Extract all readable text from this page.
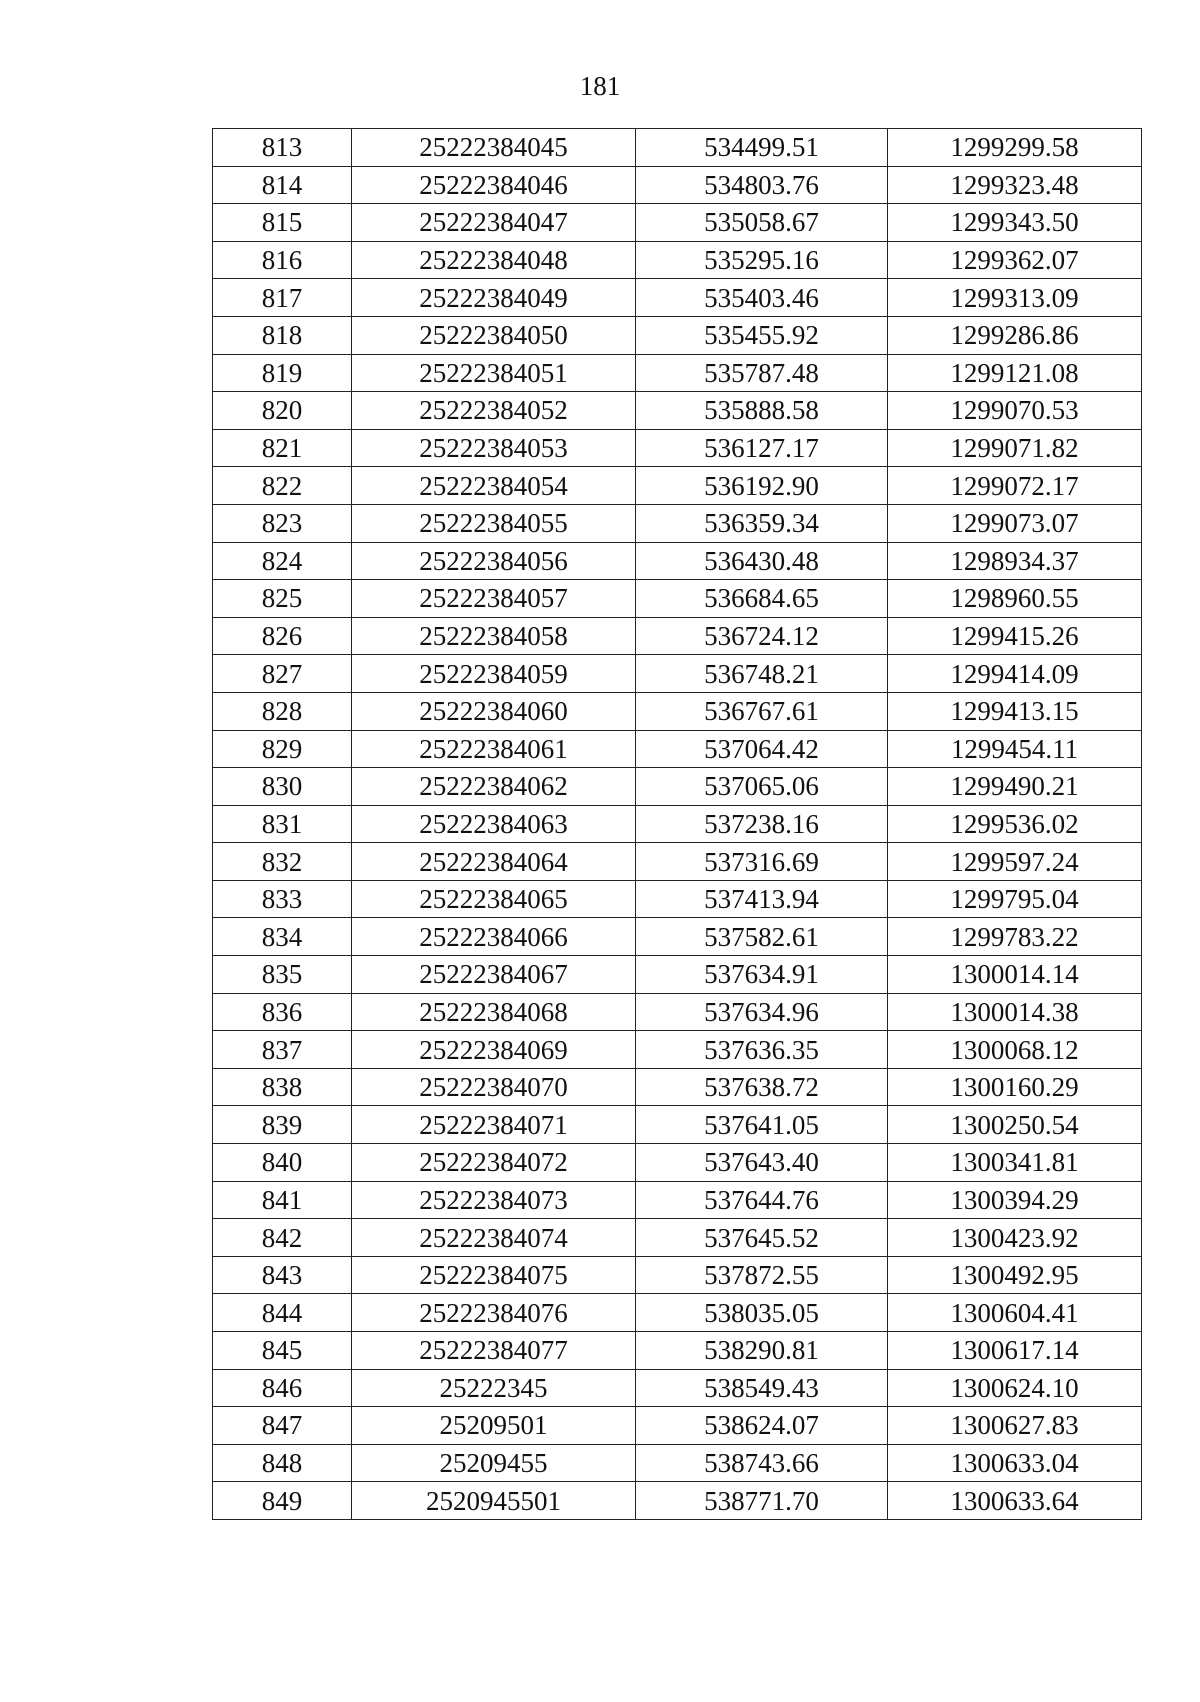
181
813	25222384045	534499.51	1299299.58
814	25222384046	534803.76	1299323.48
815	25222384047	535058.67	1299343.50
816	25222384048	535295.16	1299362.07
817	25222384049	535403.46	1299313.09
818	25222384050	535455.92	1299286.86
819	25222384051	535787.48	1299121.08
820	25222384052	535888.58	1299070.53
821	25222384053	536127.17	1299071.82
822	25222384054	536192.90	1299072.17
823	25222384055	536359.34	1299073.07
824	25222384056	536430.48	1298934.37
825	25222384057	536684.65	1298960.55
826	25222384058	536724.12	1299415.26
827	25222384059	536748.21	1299414.09
828	25222384060	536767.61	1299413.15
829	25222384061	537064.42	1299454.11
830	25222384062	537065.06	1299490.21
831	25222384063	537238.16	1299536.02
832	25222384064	537316.69	1299597.24
833	25222384065	537413.94	1299795.04
834	25222384066	537582.61	1299783.22
835	25222384067	537634.91	1300014.14
836	25222384068	537634.96	1300014.38
837	25222384069	537636.35	1300068.12
838	25222384070	537638.72	1300160.29
839	25222384071	537641.05	1300250.54
840	25222384072	537643.40	1300341.81
841	25222384073	537644.76	1300394.29
842	25222384074	537645.52	1300423.92
843	25222384075	537872.55	1300492.95
844	25222384076	538035.05	1300604.41
845	25222384077	538290.81	1300617.14
846	25222345	538549.43	1300624.10
847	25209501	538624.07	1300627.83
848	25209455	538743.66	1300633.04
849	2520945501	538771.70	1300633.64
